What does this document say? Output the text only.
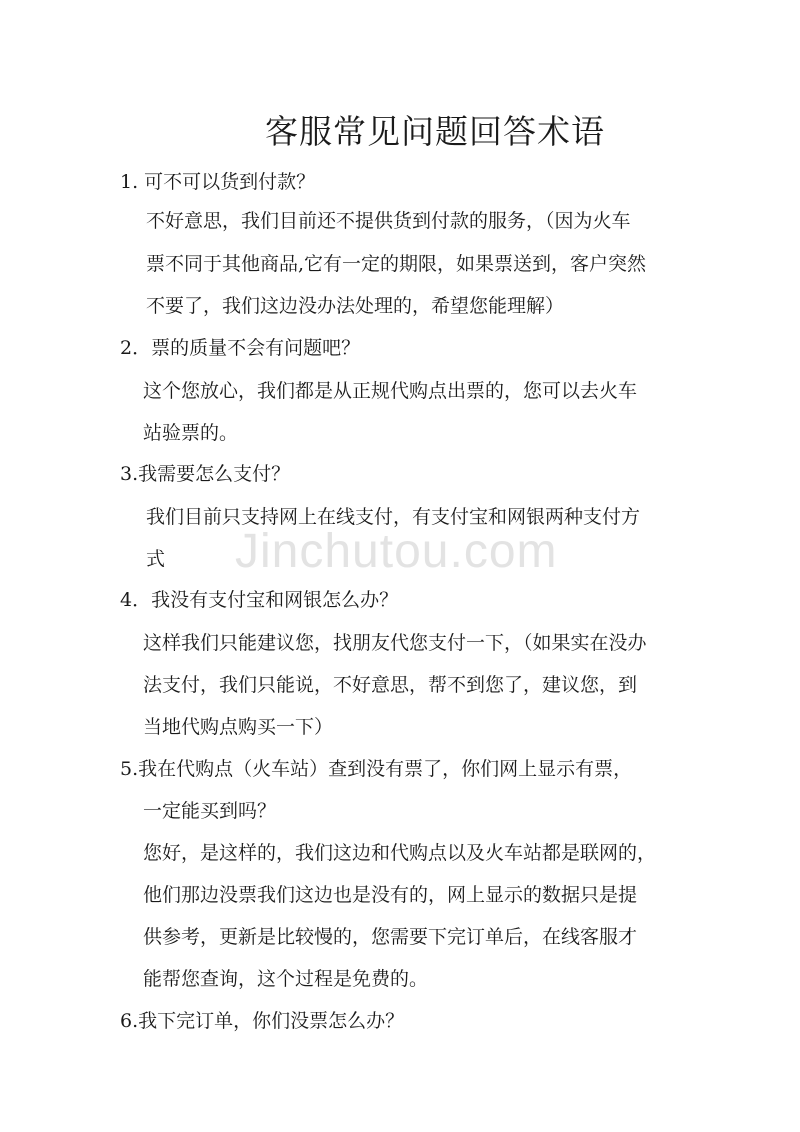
Jinchutou.com
客服常见问题回答术语
1. 可不可以货到付款？
不好意思，我们目前还不提供货到付款的服务，（因为火车
票不同于其他商品,它有一定的期限，如果票送到，客户突然
不要了，我们这边没办法处理的，希望您能理解）
2．票的质量不会有问题吧？
这个您放心，我们都是从正规代购点出票的，您可以去火车
站验票的。
3.我需要怎么支付？
我们目前只支持网上在线支付，有支付宝和网银两种支付方
式
4．我没有支付宝和网银怎么办？
这样我们只能建议您，找朋友代您支付一下，（如果实在没办
法支付，我们只能说，不好意思，帮不到您了，建议您，到
当地代购点购买一下）
5.我在代购点（火车站）查到没有票了，你们网上显示有票，
一定能买到吗？
您好，是这样的，我们这边和代购点以及火车站都是联网的，
他们那边没票我们这边也是没有的，网上显示的数据只是提
供参考，更新是比较慢的，您需要下完订单后，在线客服才
能帮您查询，这个过程是免费的。
6.我下完订单，你们没票怎么办？
